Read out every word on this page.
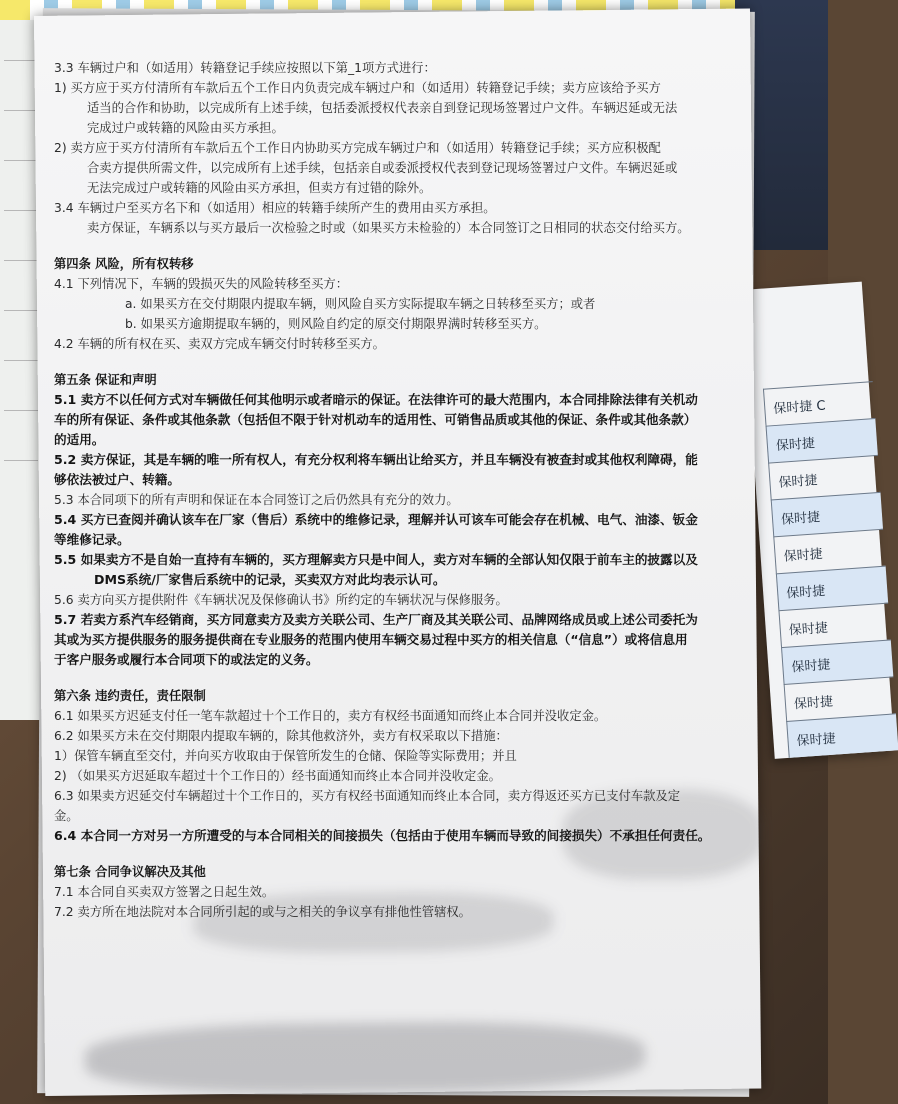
保时捷 C
保时捷
保时捷
保时捷
保时捷
保时捷
保时捷
保时捷
保时捷
保时捷

3.3 车辆过户和（如适用）转籍登记手续应按照以下第_1项方式进行：

1) 买方应于买方付清所有车款后五个工作日内负责完成车辆过户和（如适用）转籍登记手续；卖方应该给予买方

适当的合作和协助，以完成所有上述手续，包括委派授权代表亲自到登记现场签署过户文件。车辆迟延或无法

完成过户或转籍的风险由买方承担。

2) 卖方应于买方付清所有车款后五个工作日内协助买方完成车辆过户和（如适用）转籍登记手续；买方应积极配

合卖方提供所需文件，以完成所有上述手续，包括亲自或委派授权代表到登记现场签署过户文件。车辆迟延或

无法完成过户或转籍的风险由买方承担，但卖方有过错的除外。

3.4 车辆过户至买方名下和（如适用）相应的转籍手续所产生的费用由买方承担。

卖方保证，车辆系以与买方最后一次检验之时或（如果买方未检验的）本合同签订之日相同的状态交付给买方。

第四条 风险，所有权转移

4.1 下列情况下，车辆的毁损灭失的风险转移至买方：

a. 如果买方在交付期限内提取车辆，则风险自买方实际提取车辆之日转移至买方；或者

b. 如果买方逾期提取车辆的，则风险自约定的原交付期限界满时转移至买方。

4.2 车辆的所有权在买、卖双方完成车辆交付时转移至买方。

第五条 保证和声明

5.1 卖方不以任何方式对车辆做任何其他明示或者暗示的保证。在法律许可的最大范围内，本合同排除法律有关机动

车的所有保证、条件或其他条款（包括但不限于针对机动车的适用性、可销售品质或其他的保证、条件或其他条款）

的适用。

5.2 卖方保证，其是车辆的唯一所有权人，有充分权利将车辆出让给买方，并且车辆没有被查封或其他权利障碍，能

够依法被过户、转籍。

5.3 本合同项下的所有声明和保证在本合同签订之后仍然具有充分的效力。

5.4 买方已查阅并确认该车在厂家（售后）系统中的维修记录，理解并认可该车可能会存在机械、电气、油漆、钣金

等维修记录。

5.5 如果卖方不是自始一直持有车辆的，买方理解卖方只是中间人，卖方对车辆的全部认知仅限于前车主的披露以及

DMS系统/厂家售后系统中的记录，买卖双方对此均表示认可。

5.6 卖方向买方提供附件《车辆状况及保修确认书》所约定的车辆状况与保修服务。

5.7 若卖方系汽车经销商，买方同意卖方及卖方关联公司、生产厂商及其关联公司、品牌网络成员或上述公司委托为

其或为买方提供服务的服务提供商在专业服务的范围内使用车辆交易过程中买方的相关信息（“信息”）或将信息用

于客户服务或履行本合同项下的或法定的义务。

第六条 违约责任，责任限制

6.1 如果买方迟延支付任一笔车款超过十个工作日的，卖方有权经书面通知而终止本合同并没收定金。

6.2 如果买方未在交付期限内提取车辆的，除其他救济外，卖方有权采取以下措施：

1）保管车辆直至交付，并向买方收取由于保管所发生的仓储、保险等实际费用；并且

2) （如果买方迟延取车超过十个工作日的）经书面通知而终止本合同并没收定金。

6.3 如果卖方迟延交付车辆超过十个工作日的，买方有权经书面通知而终止本合同，卖方得返还买方已支付车款及定

金。

6.4 本合同一方对另一方所遭受的与本合同相关的间接损失（包括由于使用车辆而导致的间接损失）不承担任何责任。

第七条 合同争议解决及其他

7.1 本合同自买卖双方签署之日起生效。

7.2 卖方所在地法院对本合同所引起的或与之相关的争议享有排他性管辖权。
